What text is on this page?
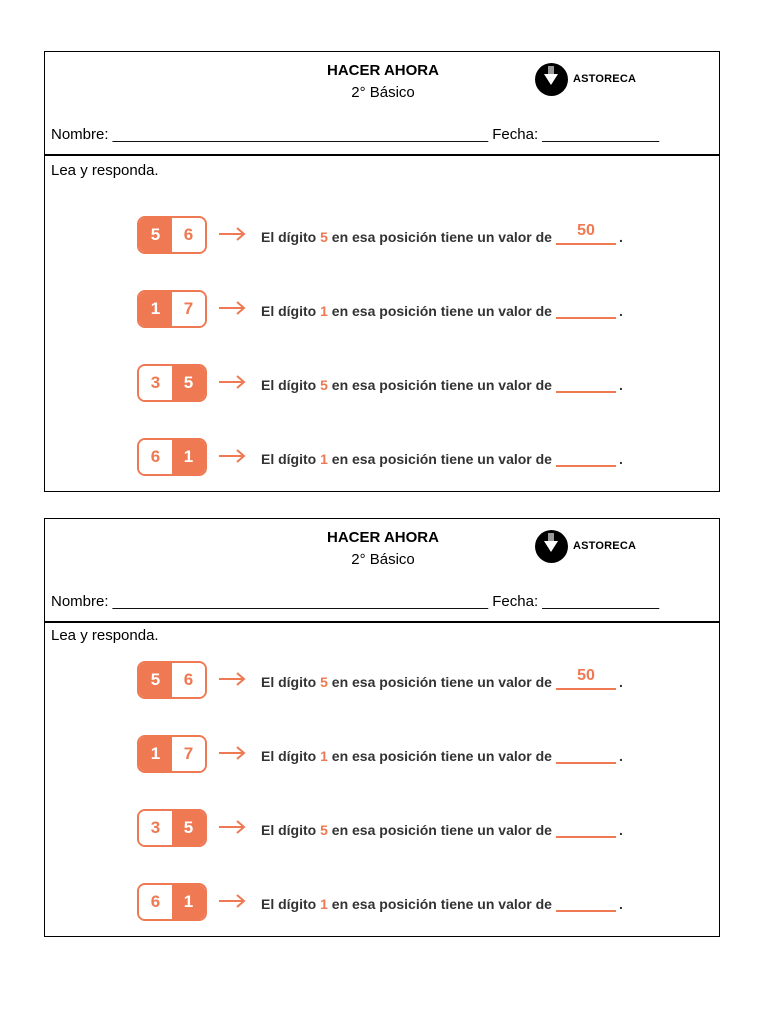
HACER AHORA
2° Básico
ASTORECA
Nombre: _____________________________________________ Fecha: ______________
Lea y responda.
5	6	El dígito 5 en esa posición tiene un valor de 50 .
1	7	El dígito 1 en esa posición tiene un valor de	.
3	5	El dígito 5 en esa posición tiene un valor de	.
6	1	El dígito 1 en esa posición tiene un valor de	.
HACER AHORA
2° Básico
ASTORECA
Nombre: _____________________________________________ Fecha: ______________
Lea y responda.
5	6	El dígito 5 en esa posición tiene un valor de 50 .
1	7	El dígito 1 en esa posición tiene un valor de	.
3	5	El dígito 5 en esa posición tiene un valor de	.
6	1	El dígito 1 en esa posición tiene un valor de	.
